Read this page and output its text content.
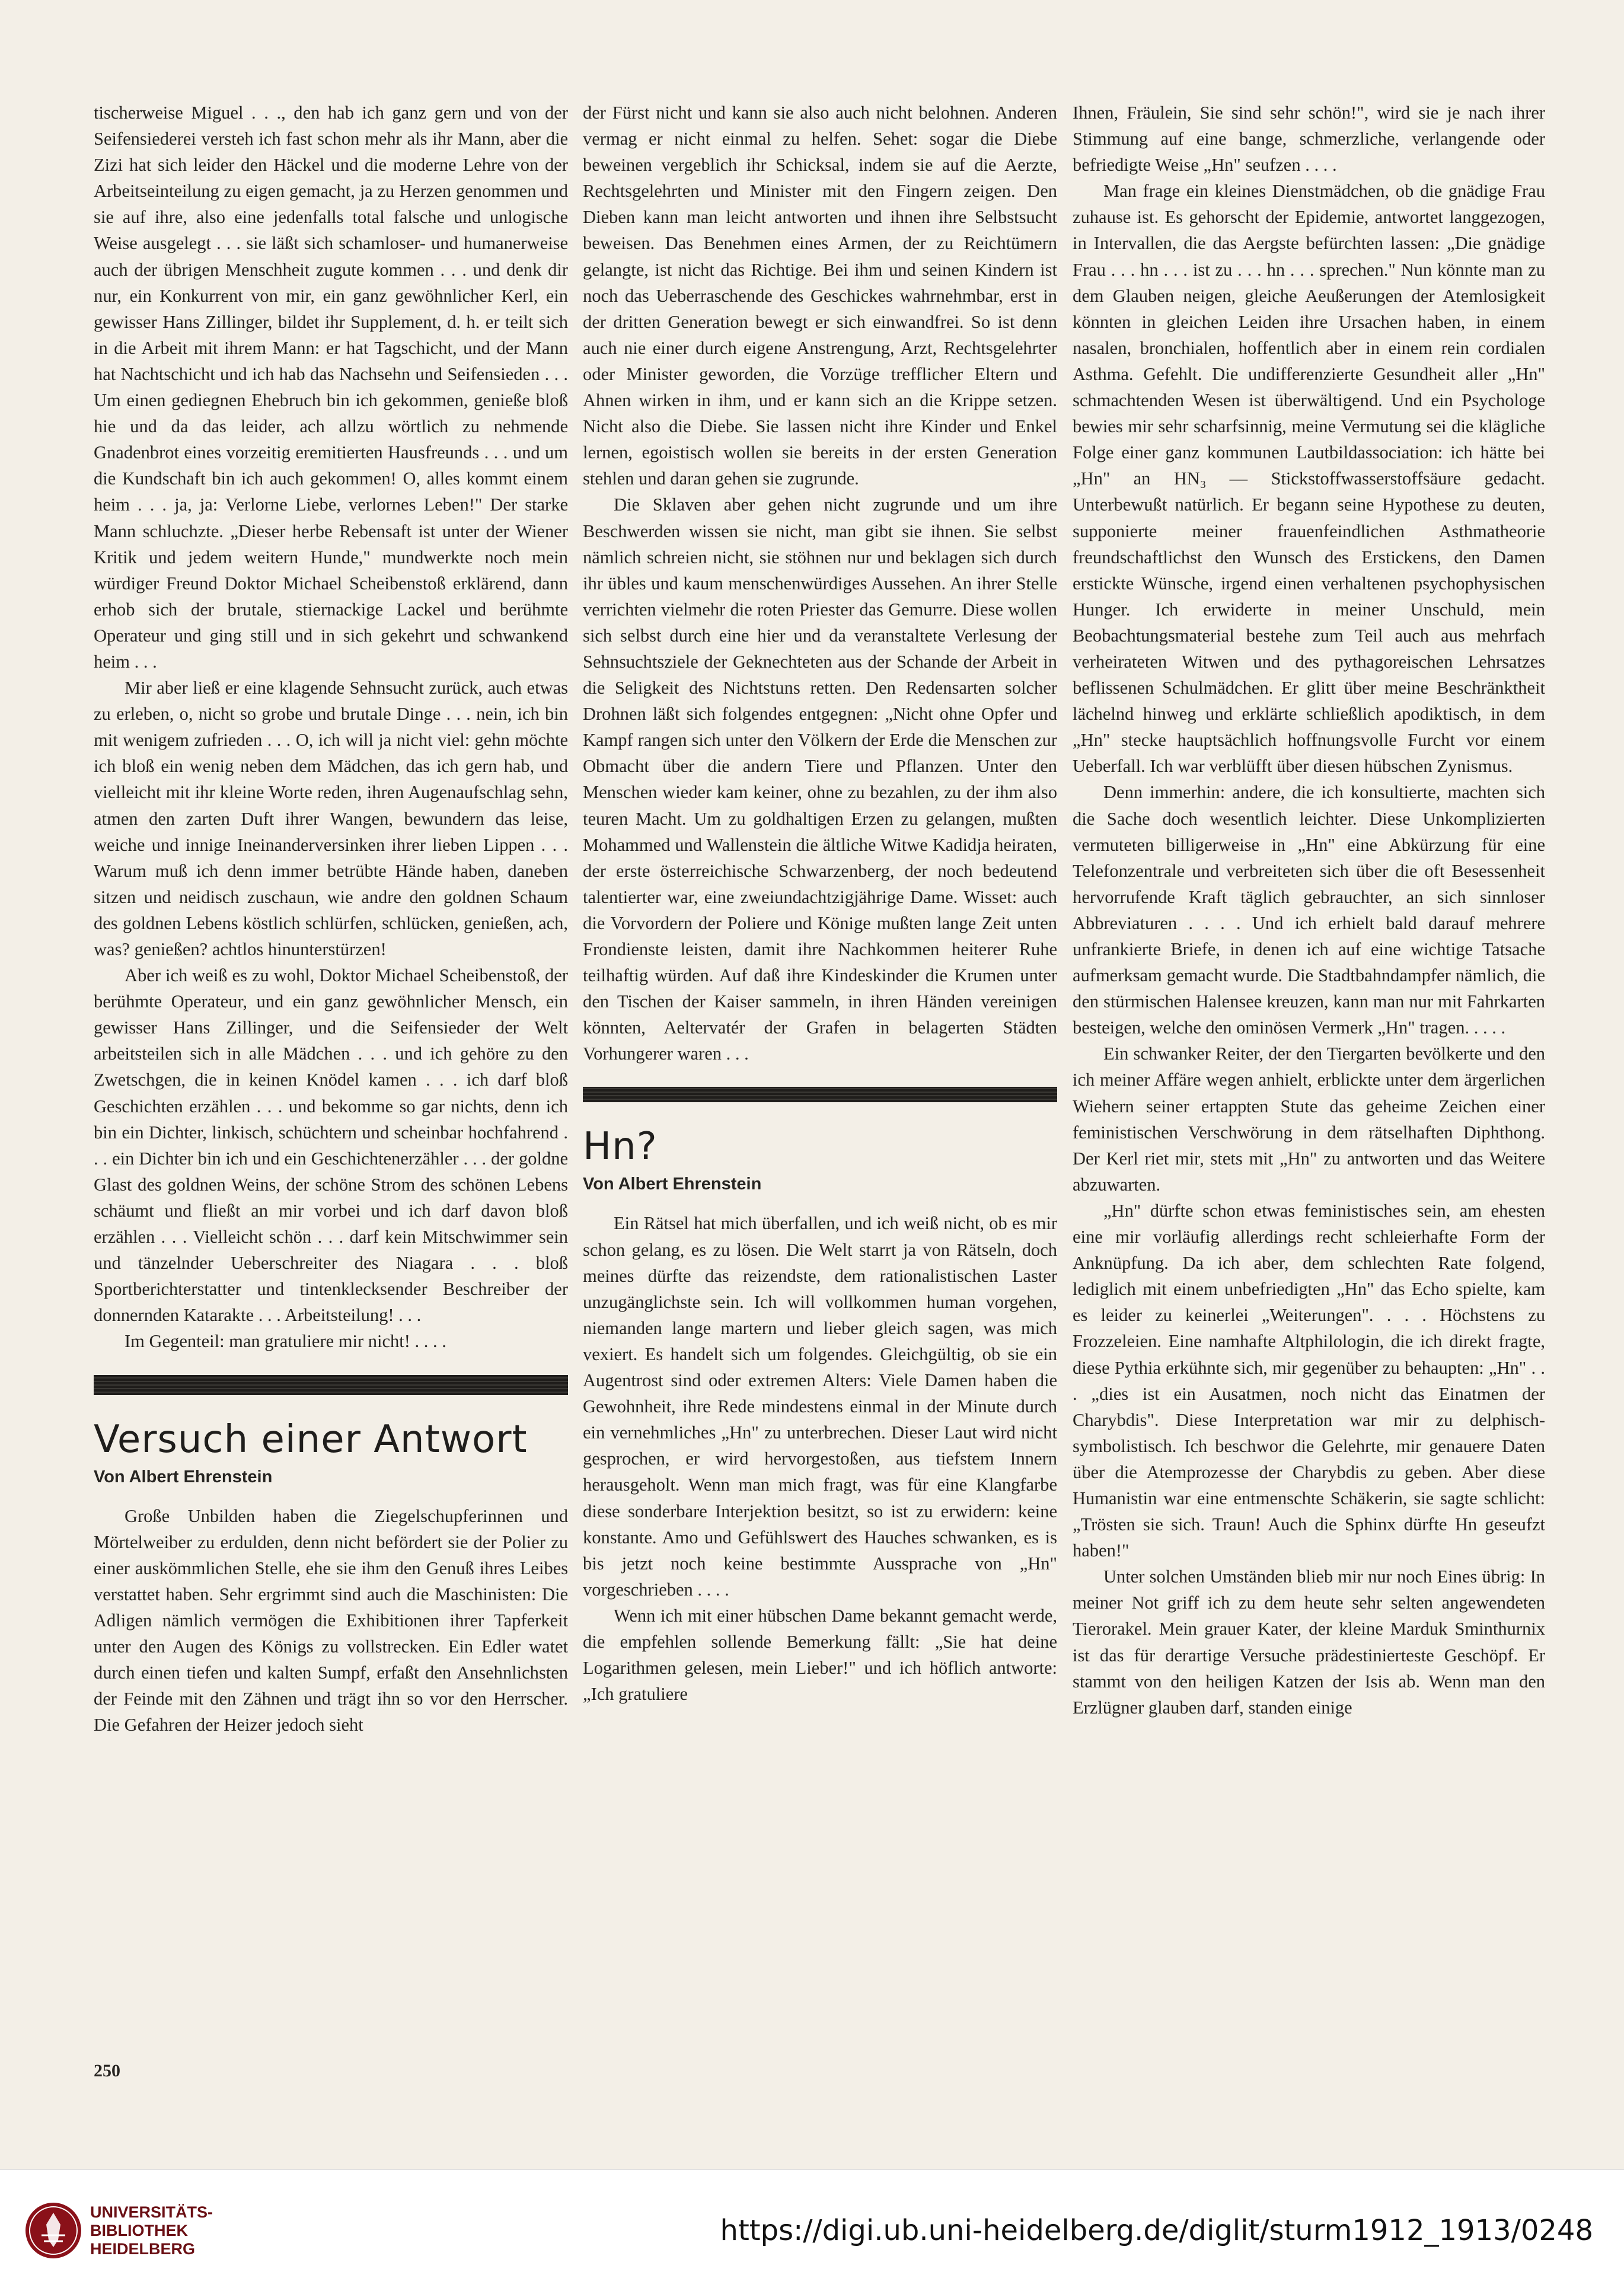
tischerweise Miguel . . ., den hab ich ganz gern und von der Seifensiederei versteh ich fast schon mehr als ihr Mann, aber die Zizi hat sich leider den Häckel und die moderne Lehre von der Arbeitseinteilung zu eigen gemacht, ja zu Herzen genommen und sie auf ihre, also eine jedenfalls total falsche und unlogische Weise ausgelegt . . . sie läßt sich schamloser- und humanerweise auch der übrigen Menschheit zugute kommen . . . und denk dir nur, ein Konkurrent von mir, ein ganz gewöhnlicher Kerl, ein gewisser Hans Zillinger, bildet ihr Supplement, d. h. er teilt sich in die Arbeit mit ihrem Mann: er hat Tagschicht, und der Mann hat Nachtschicht und ich hab das Nachsehn und Seifensieden . . . Um einen gediegnen Ehebruch bin ich gekommen, genieße bloß hie und da das leider, ach allzu wörtlich zu nehmende Gnadenbrot eines vorzeitig eremitierten Hausfreunds . . . und um die Kundschaft bin ich auch gekommen! O, alles kommt einem heim . . . ja, ja: Verlorne Liebe, verlornes Leben!" Der starke Mann schluchzte. „Dieser herbe Rebensaft ist unter der Wiener Kritik und jedem weitern Hunde," mundwerkte noch mein würdiger Freund Doktor Michael Scheibenstoß erklärend, dann erhob sich der brutale, stiernackige Lackel und berühmte Operateur und ging still und in sich gekehrt und schwankend heim . . .

Mir aber ließ er eine klagende Sehnsucht zurück, auch etwas zu erleben, o, nicht so grobe und brutale Dinge . . . nein, ich bin mit wenigem zufrieden . . . O, ich will ja nicht viel: gehn möchte ich bloß ein wenig neben dem Mädchen, das ich gern hab, und vielleicht mit ihr kleine Worte reden, ihren Augenaufschlag sehn, atmen den zarten Duft ihrer Wangen, bewundern das leise, weiche und innige Ineinanderversinken ihrer lieben Lippen . . . Warum muß ich denn immer betrübte Hände haben, daneben sitzen und neidisch zuschaun, wie andre den goldnen Schaum des goldnen Lebens köstlich schlürfen, schlücken, genießen, ach, was? genießen? achtlos hinunterstürzen!

Aber ich weiß es zu wohl, Doktor Michael Scheibenstoß, der berühmte Operateur, und ein ganz gewöhnlicher Mensch, ein gewisser Hans Zillinger, und die Seifensieder der Welt arbeitsteilen sich in alle Mädchen . . . und ich gehöre zu den Zwetschgen, die in keinen Knödel kamen . . . ich darf bloß Geschichten erzählen . . . und bekomme so gar nichts, denn ich bin ein Dichter, linkisch, schüchtern und scheinbar hochfahrend . . . ein Dichter bin ich und ein Geschichtenerzähler . . . der goldne Glast des goldnen Weins, der schöne Strom des schönen Lebens schäumt und fließt an mir vorbei und ich darf davon bloß erzählen . . . Vielleicht schön . . . darf kein Mitschwimmer sein und tänzelnder Ueberschreiter des Niagara . . . bloß Sportberichterstatter und tintenklecksender Beschreiber der donnernden Katarakte . . . Arbeitsteilung! . . .

Im Gegenteil: man gratuliere mir nicht! . . . .

Versuch einer Antwort
Von Albert Ehrenstein

Große Unbilden haben die Ziegelschupferinnen und Mörtelweiber zu erdulden, denn nicht befördert sie der Polier zu einer auskömmlichen Stelle, ehe sie ihm den Genuß ihres Leibes verstattet haben. Sehr ergrimmt sind auch die Maschinisten: Die Adligen nämlich vermögen die Exhibitionen ihrer Tapferkeit unter den Augen des Königs zu vollstrecken. Ein Edler watet durch einen tiefen und kalten Sumpf, erfaßt den Ansehnlichsten der Feinde mit den Zähnen und trägt ihn so vor den Herrscher. Die Gefahren der Heizer jedoch sieht

der Fürst nicht und kann sie also auch nicht belohnen. Anderen vermag er nicht einmal zu helfen. Sehet: sogar die Diebe beweinen vergeblich ihr Schicksal, indem sie auf die Aerzte, Rechtsgelehrten und Minister mit den Fingern zeigen. Den Dieben kann man leicht antworten und ihnen ihre Selbstsucht beweisen. Das Benehmen eines Armen, der zu Reichtümern gelangte, ist nicht das Richtige. Bei ihm und seinen Kindern ist noch das Ueberraschende des Geschickes wahrnehmbar, erst in der dritten Generation bewegt er sich einwandfrei. So ist denn auch nie einer durch eigene Anstrengung, Arzt, Rechtsgelehrter oder Minister geworden, die Vorzüge trefflicher Eltern und Ahnen wirken in ihm, und er kann sich an die Krippe setzen. Nicht also die Diebe. Sie lassen nicht ihre Kinder und Enkel lernen, egoistisch wollen sie bereits in der ersten Generation stehlen und daran gehen sie zugrunde.

Die Sklaven aber gehen nicht zugrunde und um ihre Beschwerden wissen sie nicht, man gibt sie ihnen. Sie selbst nämlich schreien nicht, sie stöhnen nur und beklagen sich durch ihr übles und kaum menschenwürdiges Aussehen. An ihrer Stelle verrichten vielmehr die roten Priester das Gemurre. Diese wollen sich selbst durch eine hier und da veranstaltete Verlesung der Sehnsuchtsziele der Geknechteten aus der Schande der Arbeit in die Seligkeit des Nichtstuns retten. Den Redensarten solcher Drohnen läßt sich folgendes entgegnen: „Nicht ohne Opfer und Kampf rangen sich unter den Völkern der Erde die Menschen zur Obmacht über die andern Tiere und Pflanzen. Unter den Menschen wieder kam keiner, ohne zu bezahlen, zu der ihm also teuren Macht. Um zu goldhaltigen Erzen zu gelangen, mußten Mohammed und Wallenstein die ältliche Witwe Kadidja heiraten, der erste österreichische Schwarzenberg, der noch bedeutend talentierter war, eine zweiundachtzigjährige Dame. Wisset: auch die Vorvordern der Poliere und Könige mußten lange Zeit unten Frondienste leisten, damit ihre Nachkommen heiterer Ruhe teilhaftig würden. Auf daß ihre Kindeskinder die Krumen unter den Tischen der Kaiser sammeln, in ihren Händen vereinigen könnten, Aeltervatér der Grafen in belagerten Städten Vorhungerer waren . . .

Hn?
Von Albert Ehrenstein

Ein Rätsel hat mich überfallen, und ich weiß nicht, ob es mir schon gelang, es zu lösen. Die Welt starrt ja von Rätseln, doch meines dürfte das reizendste, dem rationalistischen Laster unzugänglichste sein. Ich will vollkommen human vorgehen, niemanden lange martern und lieber gleich sagen, was mich vexiert. Es handelt sich um folgendes. Gleichgültig, ob sie ein Augentrost sind oder extremen Alters: Viele Damen haben die Gewohnheit, ihre Rede mindestens einmal in der Minute durch ein vernehmliches „Hn" zu unterbrechen. Dieser Laut wird nicht gesprochen, er wird hervorgestoßen, aus tiefstem Innern herausgeholt. Wenn man mich fragt, was für eine Klangfarbe diese sonderbare Interjektion besitzt, so ist zu erwidern: keine konstante. Amo und Gefühlswert des Hauches schwanken, es is bis jetzt noch keine bestimmte Aussprache von „Hn" vorgeschrieben . . . .

Wenn ich mit einer hübschen Dame bekannt gemacht werde, die empfehlen sollende Bemerkung fällt: „Sie hat deine Logarithmen gelesen, mein Lieber!" und ich höflich antworte: „Ich gratuliere

Ihnen, Fräulein, Sie sind sehr schön!", wird sie je nach ihrer Stimmung auf eine bange, schmerzliche, verlangende oder befriedigte Weise „Hn" seufzen . . . .

Man frage ein kleines Dienstmädchen, ob die gnädige Frau zuhause ist. Es gehorscht der Epidemie, antwortet langgezogen, in Intervallen, die das Aergste befürchten lassen: „Die gnädige Frau . . . hn . . . ist zu . . . hn . . . sprechen." Nun könnte man zu dem Glauben neigen, gleiche Aeußerungen der Atemlosigkeit könnten in gleichen Leiden ihre Ursachen haben, in einem nasalen, bronchialen, hoffentlich aber in einem rein cordialen Asthma. Gefehlt. Die undifferenzierte Gesundheit aller „Hn" schmachtenden Wesen ist überwältigend. Und ein Psychologe bewies mir sehr scharfsinnig, meine Vermutung sei die klägliche Folge einer ganz kommunen Lautbildassociation: ich hätte bei „Hn" an HN₃ — Stickstoffwasserstoffsäure gedacht. Unterbewußt natürlich. Er begann seine Hypothese zu deuten, supponierte meiner frauenfeindlichen Asthmatheorie freundschaftlichst den Wunsch des Erstickens, den Damen erstickte Wünsche, irgend einen verhaltenen psychophysischen Hunger. Ich erwiderte in meiner Unschuld, mein Beobachtungsmaterial bestehe zum Teil auch aus mehrfach verheirateten Witwen und des pythagoreischen Lehrsatzes beflissenen Schulmädchen. Er glitt über meine Beschränktheit lächelnd hinweg und erklärte schließlich apodiktisch, in dem „Hn" stecke hauptsächlich hoffnungsvolle Furcht vor einem Ueberfall. Ich war verblüfft über diesen hübschen Zynismus.

Denn immerhin: andere, die ich konsultierte, machten sich die Sache doch wesentlich leichter. Diese Unkomplizierten vermuteten billigerweise in „Hn" eine Abkürzung für eine Telefonzentrale und verbreiteten sich über die oft Besessenheit hervorrufende Kraft täglich gebrauchter, an sich sinnloser Abbreviaturen . . . . Und ich erhielt bald darauf mehrere unfrankierte Briefe, in denen ich auf eine wichtige Tatsache aufmerksam gemacht wurde. Die Stadtbahndampfer nämlich, die den stürmischen Halensee kreuzen, kann man nur mit Fahrkarten besteigen, welche den ominösen Vermerk „Hn" tragen. . . . .

Ein schwanker Reiter, der den Tiergarten bevölkerte und den ich meiner Affäre wegen anhielt, erblickte unter dem ärgerlichen Wiehern seiner ertappten Stute das geheime Zeichen einer feministischen Verschwörung in dem rätselhaften Diphthong. Der Kerl riet mir, stets mit „Hn" zu antworten und das Weitere abzuwarten.

„Hn" dürfte schon etwas feministisches sein, am ehesten eine mir vorläufig allerdings recht schleierhafte Form der Anknüpfung. Da ich aber, dem schlechten Rate folgend, lediglich mit einem unbefriedigten „Hn" das Echo spielte, kam es leider zu keinerlei „Weiterungen". . . . Höchstens zu Frozzeleien. Eine namhafte Altphilologin, die ich direkt fragte, diese Pythia erkühnte sich, mir gegenüber zu behaupten: „Hn" . . . „dies ist ein Ausatmen, noch nicht das Einatmen der Charybdis". Diese Interpretation war mir zu delphisch-symbolistisch. Ich beschwor die Gelehrte, mir genauere Daten über die Atemprozesse der Charybdis zu geben. Aber diese Humanistin war eine entmenschte Schäkerin, sie sagte schlicht: „Trösten sie sich. Traun! Auch die Sphinx dürfte Hn geseufzt haben!"

Unter solchen Umständen blieb mir nur noch Eines übrig: In meiner Not griff ich zu dem heute sehr selten angewendeten Tierorakel. Mein grauer Kater, der kleine Marduk Sminthurnix ist das für derartige Versuche prädestinierteste Geschöpf. Er stammt von den heiligen Katzen der Isis ab. Wenn man den Erzlügner glauben darf, standen einige

250
UNIVERSITÄTS-
BIBLIOTHEK
HEIDELBERG
https://digi.ub.uni-heidelberg.de/diglit/sturm1912_1913/0248
